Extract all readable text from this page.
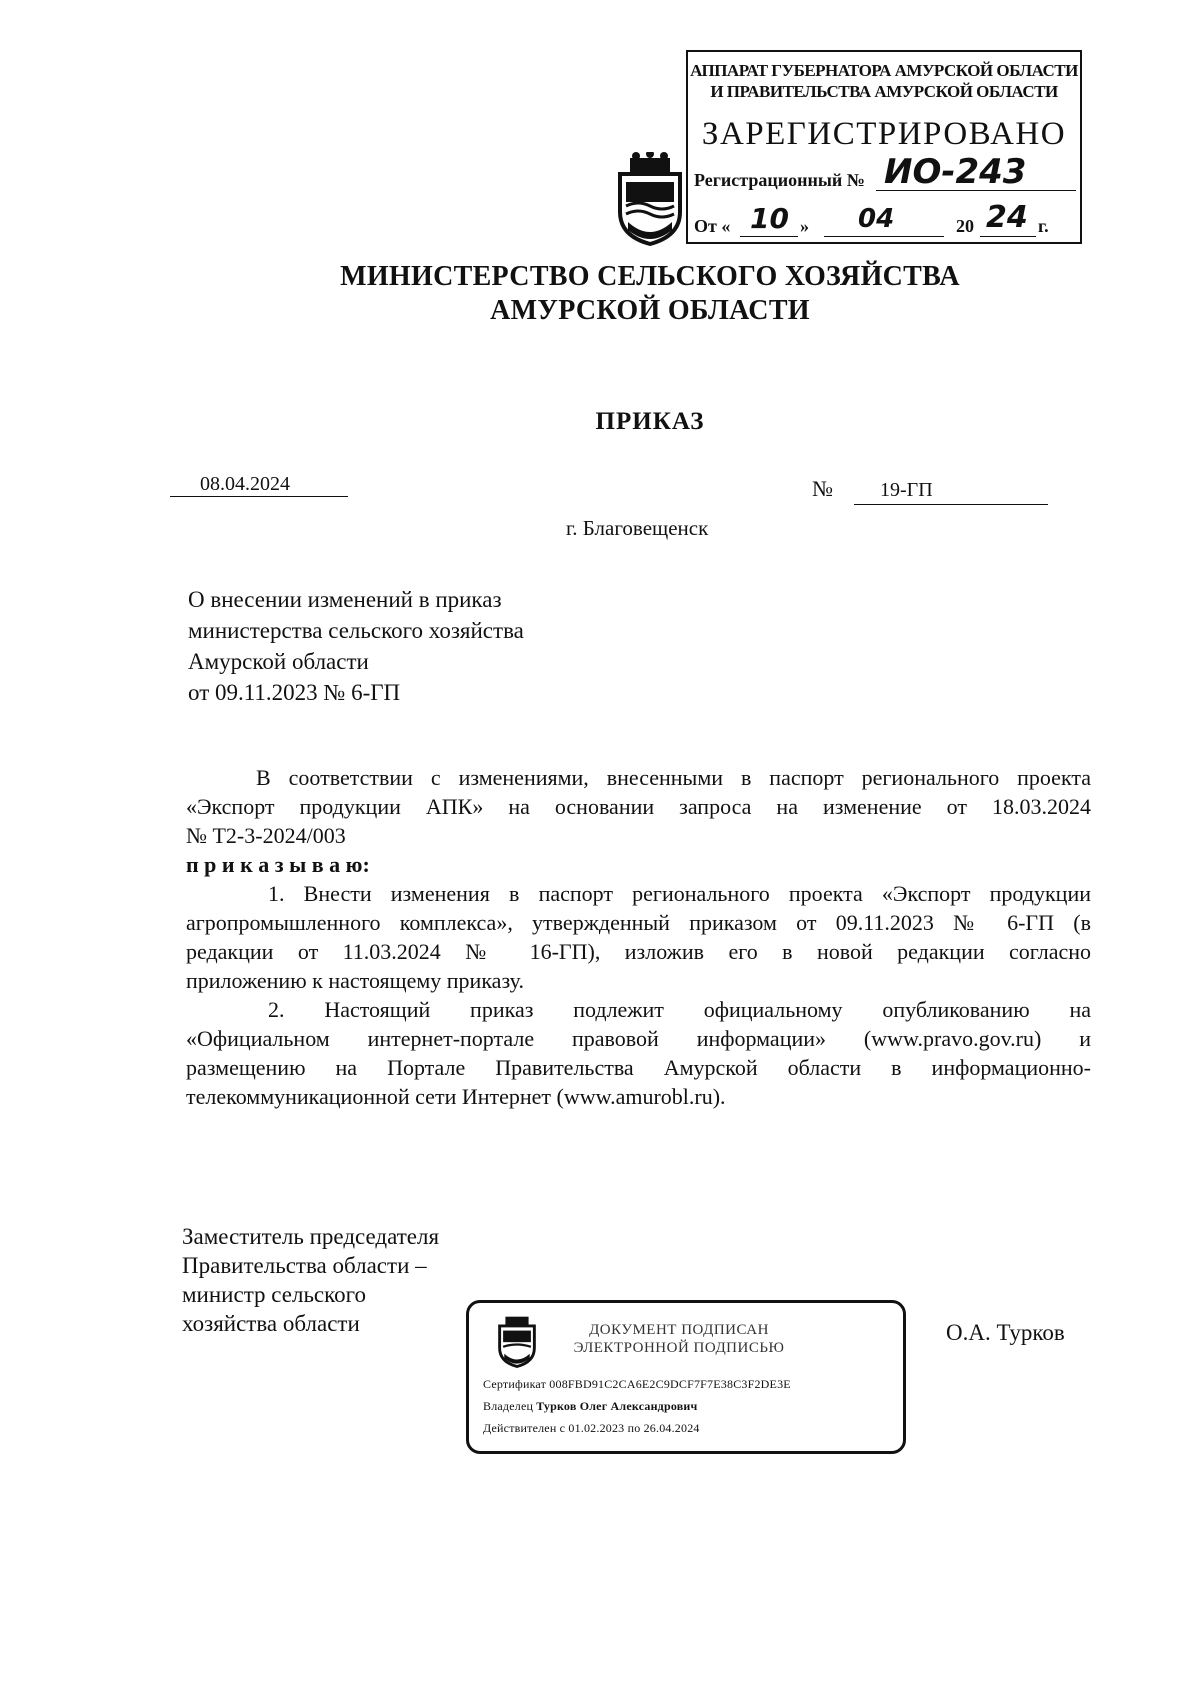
АППАРАТ ГУБЕРНАТОРА АМУРСКОЙ ОБЛАСТИ
И ПРАВИТЕЛЬСТВА АМУРСКОЙ ОБЛАСТИ
ЗАРЕГИСТРИРОВАНО
Регистрационный № ИО-243
От « 10 » 04	20 24 г.
МИНИСТЕРСТВО СЕЛЬСКОГО ХОЗЯЙСТВА
АМУРСКОЙ ОБЛАСТИ
ПРИКАЗ
08.04.2024	№ 19-ГП
г. Благовещенск
О внесении изменений в приказ
министерства сельского хозяйства
Амурской области
от 09.11.2023 № 6-ГП
В соответствии с изменениями, внесенными в паспорт регионального проекта
«Экспорт продукции АПК» на основании запроса на изменение от 18.03.2024
№ Т2-3-2024/003
п р и к а з ы в а ю:
1. Внести изменения в паспорт регионального проекта «Экспорт продукции
агропромышленного комплекса», утвержденный приказом от 09.11.2023 № 6-ГП (в
редакции от 11.03.2024 № 16-ГП), изложив его в новой редакции согласно
приложению к настоящему приказу.
2. Настоящий приказ подлежит официальному опубликованию на
«Официальном интернет-портале правовой информации» (www.pravo.gov.ru) и
размещению на Портале Правительства Амурской области в информационно-
телекоммуникационной сети Интернет (www.amurobl.ru).
Заместитель председателя
Правительства области –
министр сельского
хозяйства области	О.А. Турков
ДОКУМЕНТ ПОДПИСАН
ЭЛЕКТРОННОЙ ПОДПИСЬЮ
Сертификат 008FBD91C2CA6E2C9DCF7F7E38C3F2DE3E
Владелец Турков Олег Александрович
Действителен с 01.02.2023 по 26.04.2024
